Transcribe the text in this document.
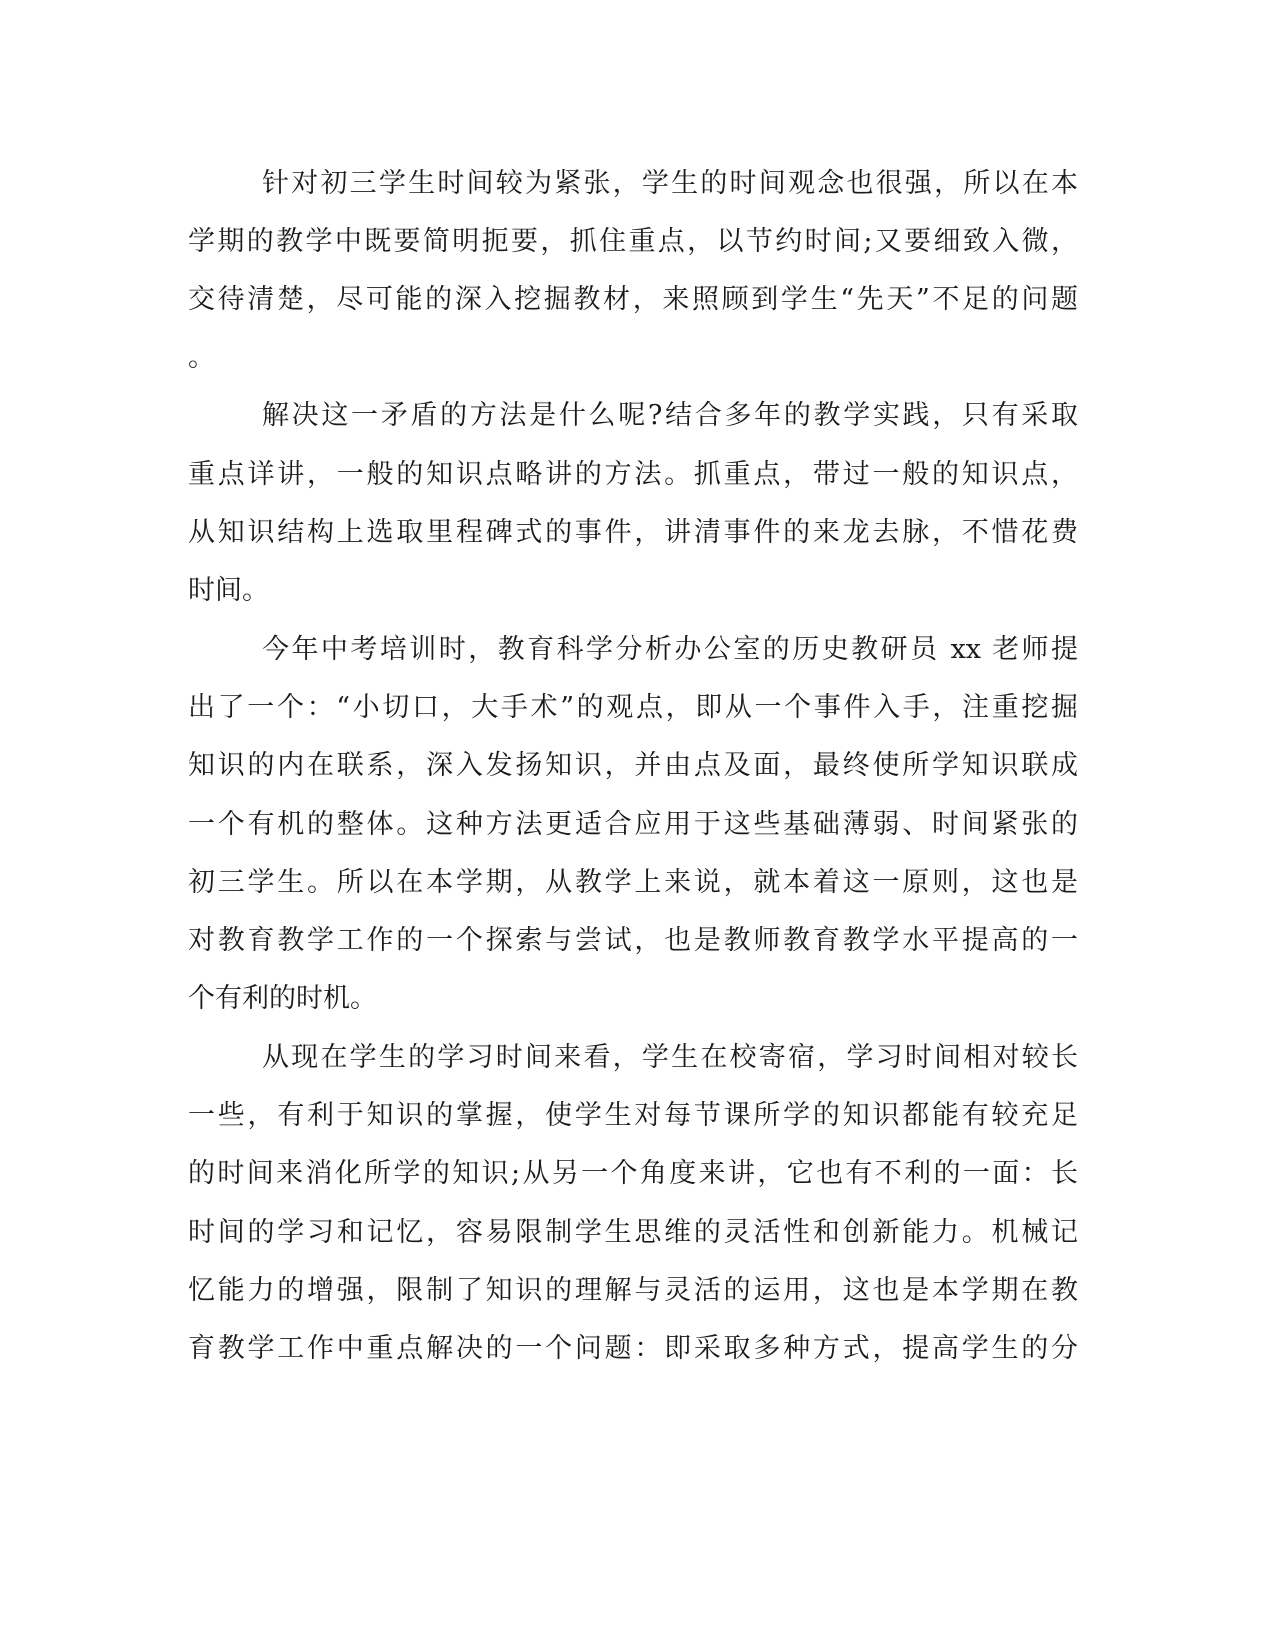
针对初三学生时间较为紧张，学生的时间观念也很强，所以在本

学期的教学中既要简明扼要，抓住重点，以节约时间;又要细致入微，

交待清楚，尽可能的深入挖掘教材，来照顾到学生“先天”不足的问题

。

解决这一矛盾的方法是什么呢?结合多年的教学实践，只有采取

重点详讲，一般的知识点略讲的方法。抓重点，带过一般的知识点，

从知识结构上选取里程碑式的事件，讲清事件的来龙去脉，不惜花费

时间。

今年中考培训时，教育科学分析办公室的历史教研员 xx 老师提

出了一个：“小切口，大手术”的观点，即从一个事件入手，注重挖掘

知识的内在联系，深入发扬知识，并由点及面，最终使所学知识联成

一个有机的整体。这种方法更适合应用于这些基础薄弱、时间紧张的

初三学生。所以在本学期，从教学上来说，就本着这一原则，这也是

对教育教学工作的一个探索与尝试，也是教师教育教学水平提高的一

个有利的时机。

从现在学生的学习时间来看，学生在校寄宿，学习时间相对较长

一些，有利于知识的掌握，使学生对每节课所学的知识都能有较充足

的时间来消化所学的知识;从另一个角度来讲，它也有不利的一面：长

时间的学习和记忆，容易限制学生思维的灵活性和创新能力。机械记

忆能力的增强，限制了知识的理解与灵活的运用，这也是本学期在教

育教学工作中重点解决的一个问题：即采取多种方式，提高学生的分
